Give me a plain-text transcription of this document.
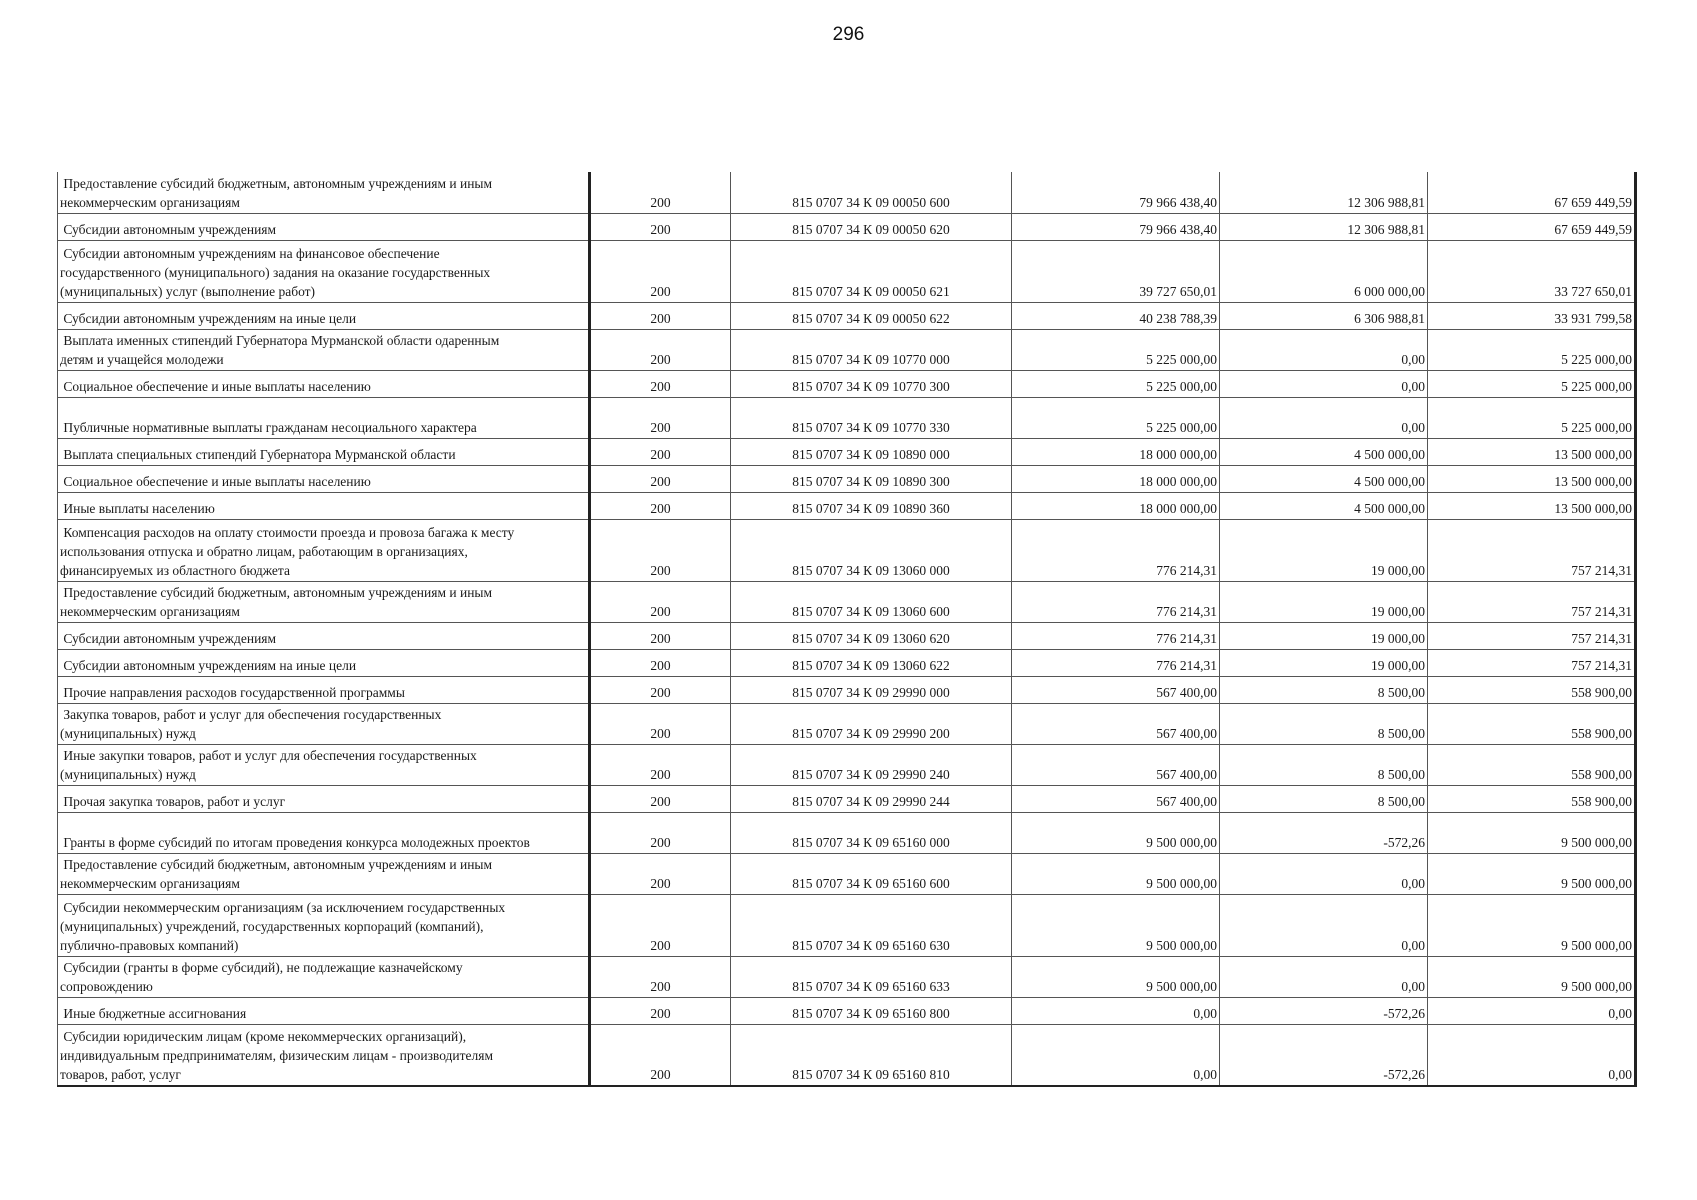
296
Предоставление субсидий бюджетным, автономным учреждениям и иным
некоммерческим организациям	200	815 0707 34 К 09 00050 600	79 966 438,40	12 306 988,81	67 659 449,59
Субсидии автономным учреждениям	200	815 0707 34 К 09 00050 620	79 966 438,40	12 306 988,81	67 659 449,59
Субсидии автономным учреждениям на финансовое обеспечение
государственного (муниципального) задания на оказание государственных
(муниципальных) услуг (выполнение работ)	200	815 0707 34 К 09 00050 621	39 727 650,01	6 000 000,00	33 727 650,01
Субсидии автономным учреждениям на иные цели	200	815 0707 34 К 09 00050 622	40 238 788,39	6 306 988,81	33 931 799,58
Выплата именных стипендий Губернатора Мурманской области одаренным
детям и учащейся молодежи	200	815 0707 34 К 09 10770 000	5 225 000,00	0,00	5 225 000,00
Социальное обеспечение и иные выплаты населению	200	815 0707 34 К 09 10770 300	5 225 000,00	0,00	5 225 000,00
Публичные нормативные выплаты гражданам несоциального характера	200	815 0707 34 К 09 10770 330	5 225 000,00	0,00	5 225 000,00
Выплата специальных стипендий Губернатора Мурманской области	200	815 0707 34 К 09 10890 000	18 000 000,00	4 500 000,00	13 500 000,00
Социальное обеспечение и иные выплаты населению	200	815 0707 34 К 09 10890 300	18 000 000,00	4 500 000,00	13 500 000,00
Иные выплаты населению	200	815 0707 34 К 09 10890 360	18 000 000,00	4 500 000,00	13 500 000,00
Компенсация расходов на оплату стоимости проезда и провоза багажа к месту
использования отпуска и обратно лицам, работающим в организациях,
финансируемых из областного бюджета	200	815 0707 34 К 09 13060 000	776 214,31	19 000,00	757 214,31
Предоставление субсидий бюджетным, автономным учреждениям и иным
некоммерческим организациям	200	815 0707 34 К 09 13060 600	776 214,31	19 000,00	757 214,31
Субсидии автономным учреждениям	200	815 0707 34 К 09 13060 620	776 214,31	19 000,00	757 214,31
Субсидии автономным учреждениям на иные цели	200	815 0707 34 К 09 13060 622	776 214,31	19 000,00	757 214,31
Прочие направления расходов государственной программы	200	815 0707 34 К 09 29990 000	567 400,00	8 500,00	558 900,00
Закупка товаров, работ и услуг для обеспечения государственных
(муниципальных) нужд	200	815 0707 34 К 09 29990 200	567 400,00	8 500,00	558 900,00
Иные закупки товаров, работ и услуг для обеспечения государственных
(муниципальных) нужд	200	815 0707 34 К 09 29990 240	567 400,00	8 500,00	558 900,00
Прочая закупка товаров, работ и услуг	200	815 0707 34 К 09 29990 244	567 400,00	8 500,00	558 900,00
Гранты в форме субсидий по итогам проведения конкурса молодежных проектов	200	815 0707 34 К 09 65160 000	9 500 000,00	-572,26	9 500 000,00
Предоставление субсидий бюджетным, автономным учреждениям и иным
некоммерческим организациям	200	815 0707 34 К 09 65160 600	9 500 000,00	0,00	9 500 000,00
Субсидии некоммерческим организациям (за исключением государственных
(муниципальных) учреждений, государственных корпораций (компаний),
публично-правовых компаний)	200	815 0707 34 К 09 65160 630	9 500 000,00	0,00	9 500 000,00
Субсидии (гранты в форме субсидий), не подлежащие казначейскому
сопровождению	200	815 0707 34 К 09 65160 633	9 500 000,00	0,00	9 500 000,00
Иные бюджетные ассигнования	200	815 0707 34 К 09 65160 800	0,00	-572,26	0,00
Субсидии юридическим лицам (кроме некоммерческих организаций),
индивидуальным предпринимателям, физическим лицам - производителям
товаров, работ, услуг	200	815 0707 34 К 09 65160 810	0,00	-572,26	0,00
